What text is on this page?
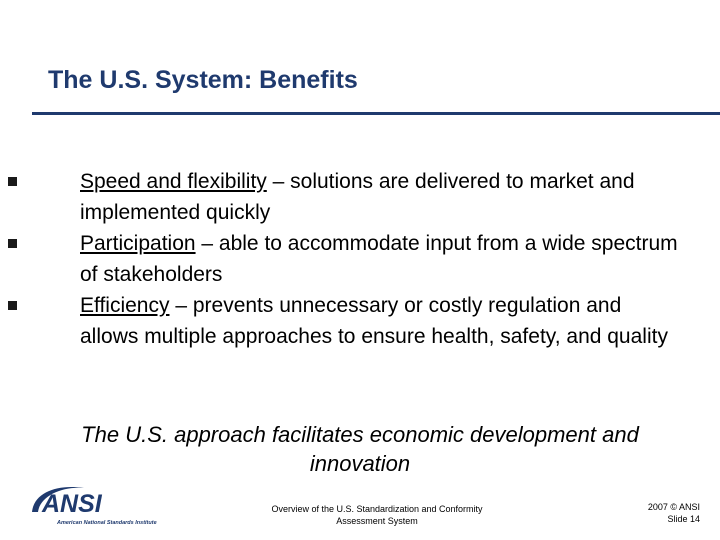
The U.S. System: Benefits
Speed and flexibility – solutions are delivered to market and implemented quickly
Participation – able to accommodate input from a wide spectrum of stakeholders
Efficiency – prevents unnecessary or costly regulation and allows multiple approaches to ensure health, safety, and quality
The U.S. approach facilitates economic development and innovation
ANSI
American National Standards Institute
Overview of the U.S. Standardization and Conformity
Assessment System
2007 © ANSI
Slide 14
